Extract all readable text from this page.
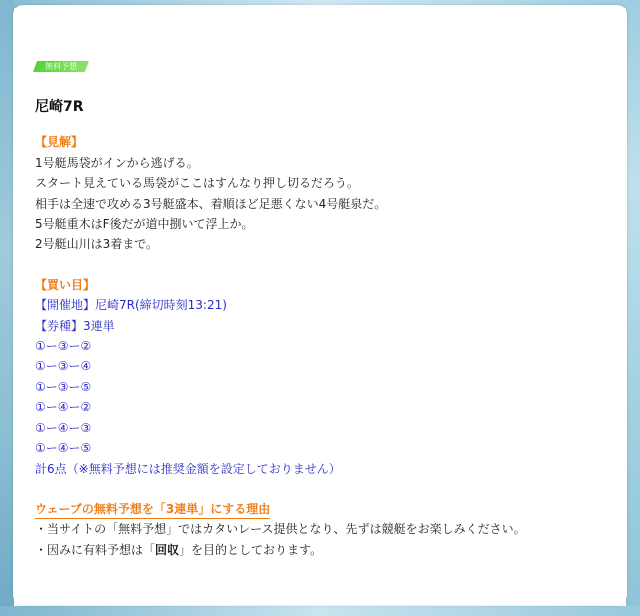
無料予想
尼崎7R
【見解】
1号艇馬袋がインから逃げる。
スタート見えている馬袋がここはすんなり押し切るだろう。
相手は全速で攻める3号艇盛本、着順ほど足悪くない4号艇泉だ。
5号艇重木はF後だが道中捌いて浮上か。
2号艇山川は3着まで。
【買い目】
【開催地】尼崎7R(締切時刻13:21)
【券種】3連単
①ー③ー②
①ー③ー④
①ー③ー⑤
①ー④ー②
①ー④ー③
①ー④ー⑤
計6点（※無料予想には推奨金額を設定しておりません）
ウェーブの無料予想を「3連単」にする理由
・当サイトの「無料予想」ではカタいレース提供となり、先ずは競艇をお楽しみください。
・因みに有料予想は「回収」を目的としております。
